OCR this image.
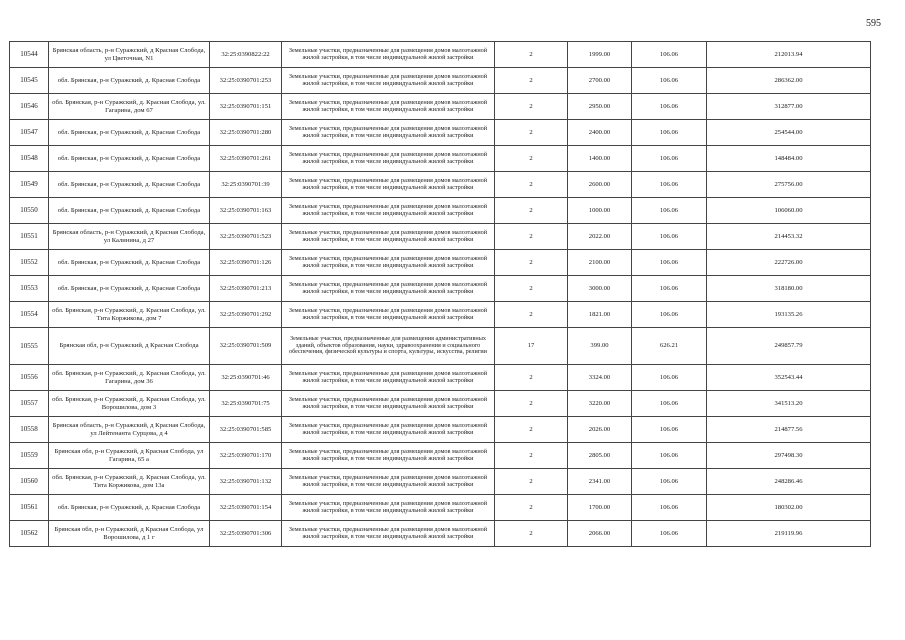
595
10544	Брянская область, р-н Суражский, д Красная Слобода, ул Цветочная, N1	32:25:0390822:22	Земельные участки, предназначенные для размещения домов малоэтажной жилой застройки, в том числе индивидуальной жилой застройки	2	1999.00	106.06	212013.94
10545	обл. Брянская, р-н Суражский, д. Красная Слобода	32:25:0390701:253	Земельные участки, предназначенные для размещения домов малоэтажной жилой застройки, в том числе индивидуальной жилой застройки	2	2700.00	106.06	286362.00
10546	обл. Брянская, р-н Суражский, д. Красная Слобода, ул. Гагарина, дом 67	32:25:0390701:151	Земельные участки, предназначенные для размещения домов малоэтажной жилой застройки, в том числе индивидуальной жилой застройки	2	2950.00	106.06	312877.00
10547	обл. Брянская, р-н Суражский, д. Красная Слобода	32:25:0390701:280	Земельные участки, предназначенные для размещения домов малоэтажной жилой застройки, в том числе индивидуальной жилой застройки	2	2400.00	106.06	254544.00
10548	обл. Брянская, р-н Суражский, д. Красная Слобода	32:25:0390701:261	Земельные участки, предназначенные для размещения домов малоэтажной жилой застройки, в том числе индивидуальной жилой застройки	2	1400.00	106.06	148484.00
10549	обл. Брянская, р-н Суражский, д. Красная Слобода	32:25:0390701:39	Земельные участки, предназначенные для размещения домов малоэтажной жилой застройки, в том числе индивидуальной жилой застройки	2	2600.00	106.06	275756.00
10550	обл. Брянская, р-н Суражский, д. Красная Слобода	32:25:0390701:163	Земельные участки, предназначенные для размещения домов малоэтажной жилой застройки, в том числе индивидуальной жилой застройки	2	1000.00	106.06	106060.00
10551	Брянская область, р-н Суражский, д Красная Слобода, ул Калинина, д 27	32:25:0390701:523	Земельные участки, предназначенные для размещения домов малоэтажной жилой застройки, в том числе индивидуальной жилой застройки	2	2022.00	106.06	214453.32
10552	обл. Брянская, р-н Суражский, д. Красная Слобода	32:25:0390701:126	Земельные участки, предназначенные для размещения домов малоэтажной жилой застройки, в том числе индивидуальной жилой застройки	2	2100.00	106.06	222726.00
10553	обл. Брянская, р-н Суражский, д. Красная Слобода	32:25:0390701:213	Земельные участки, предназначенные для размещения домов малоэтажной жилой застройки, в том числе индивидуальной жилой застройки	2	3000.00	106.06	318180.00
10554	обл. Брянская, р-н Суражский, д. Красная Слобода, ул. Тита Коржикова, дом 7	32:25:0390701:292	Земельные участки, предназначенные для размещения домов малоэтажной жилой застройки, в том числе индивидуальной жилой застройки	2	1821.00	106.06	193135.26
10555	Брянская обл, р-н Суражский, д Красная Слобода	32:25:0390701:509	Земельные участки, предназначенные для размещения административных зданий, объектов образования, науки, здравоохранения и социального обеспечения, физической культуры и спорта, культуры, искусства, религии	17	399.00	626.21	249857.79
10556	обл. Брянская, р-н Суражский, д. Красная Слобода, ул. Гагарина, дом 36	32:25:0390701:46	Земельные участки, предназначенные для размещения домов малоэтажной жилой застройки, в том числе индивидуальной жилой застройки	2	3324.00	106.06	352543.44
10557	обл. Брянская, р-н Суражский, д. Красная Слобода, ул. Ворошилова, дом 3	32:25:0390701:75	Земельные участки, предназначенные для размещения домов малоэтажной жилой застройки, в том числе индивидуальной жилой застройки	2	3220.00	106.06	341513.20
10558	Брянская область, р-н Суражский, д Красная Слобода, ул Лейтенанта Сурцова, д 4	32:25:0390701:585	Земельные участки, предназначенные для размещения домов малоэтажной жилой застройки, в том числе индивидуальной жилой застройки	2	2026.00	106.06	214877.56
10559	Брянская обл, р-н Суражский, д Красная Слобода, ул Гагарина, 65 а	32:25:0390701:170	Земельные участки, предназначенные для размещения домов малоэтажной жилой застройки, в том числе индивидуальной жилой застройки	2	2805.00	106.06	297498.30
10560	обл. Брянская, р-н Суражский, д. Красная Слобода, ул. Тита Коржикова, дом 13а	32:25:0390701:132	Земельные участки, предназначенные для размещения домов малоэтажной жилой застройки, в том числе индивидуальной жилой застройки	2	2341.00	106.06	248286.46
10561	обл. Брянская, р-н Суражский, д. Красная Слобода	32:25:0390701:154	Земельные участки, предназначенные для размещения домов малоэтажной жилой застройки, в том числе индивидуальной жилой застройки	2	1700.00	106.06	180302.00
10562	Брянская обл, р-н Суражский, д Красная Слобода, ул Ворошилова, д 1 г	32:25:0390701:306	Земельные участки, предназначенные для размещения домов малоэтажной жилой застройки, в том числе индивидуальной жилой застройки	2	2066.00	106.06	219119.96
